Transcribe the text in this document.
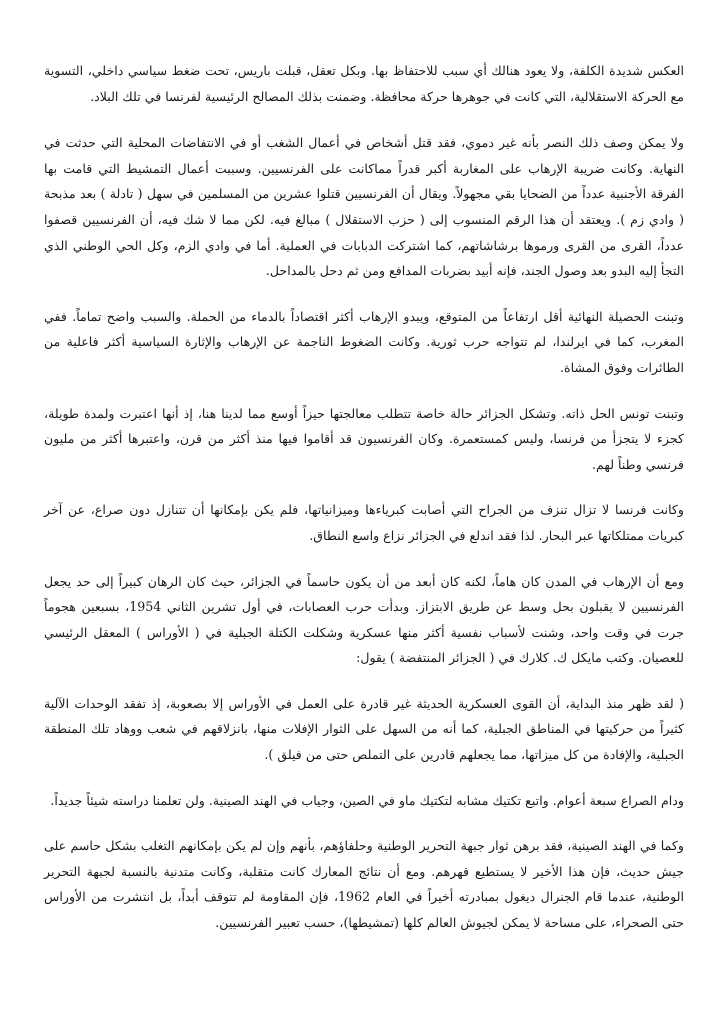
العكس شديدة الكلفة، ولا يعود هنالك أي سبب للاحتفاظ بها. وبكل تعقل، قبلت باريس، تحت ضغط سياسي داخلي، التسوية مع الحركة الاستقلالية، التي كانت في جوهرها حركة محافظة. وضمنت بذلك المصالح الرئيسية لفرنسا في تلك البلاد.

ولا يمكن وصف ذلك النصر بأنه غير دموي، فقد قتل أشخاص في أعمال الشغب أو في الانتفاضات المحلية التي حدثت في النهاية. وكانت ضريبة الإرهاب على المغاربة أكبر قدراً مماكانت على الفرنسيين. وسببت أعمال التمشيط التي قامت بها الفرقة الأجنبية عدداً من الضحايا بقي مجهولاً. ويقال أن الفرنسيين قتلوا عشرين من المسلمين في سهل ( تادلة ) بعد مذبحة ( وادي زم ). ويعتقد أن هذا الرقم المنسوب إلى ( حزب الاستقلال ) مبالغ فيه. لكن مما لا شك فيه، أن الفرنسيين قصفوا عدداً، القرى من القرى ورموها برشاشاتهم، كما اشتركت الدبابات في العملية. أما في وادي الزم، وكل الحي الوطني الذي التجأ إليه البدو بعد وصول الجند، فإنه أبيد بضربات المدافع ومن ثم دحل بالمداحل.

وتبنت الحصيلة النهائية أقل ارتفاعاً من المتوقع، ويبدو الإرهاب أكثر اقتصاداً بالدماء من الحملة. والسبب واضح تماماً. ففي المغرب، كما في ايرلندا، لم تتواجه حرب ثورية. وكانت الضغوط الناجمة عن الإرهاب والإثارة السياسية أكثر فاعلية من الطائرات وفوق المشاة.

وتبنت تونس الحل ذاته. وتشكل الجزائر حالة خاصة تتطلب معالجتها حيزاً أوسع مما لدينا هنا، إذ أنها اعتبرت ولمدة طويلة، كجزء لا يتجزأ من فرنسا، وليس كمستعمرة. وكان الفرنسيون قد أقاموا فيها منذ أكثر من قرن، واعتبرها أكثر من مليون فرنسي وطناً لهم.

وكانت فرنسا لا تزال تنزف من الجراح التي أصابت كبرياءها وميزانياتها، فلم يكن بإمكانها أن تتنازل دون صراع، عن آخر كبريات ممتلكاتها عبر البحار. لذا فقد اندلع في الجزائر نزاع واسع النطاق.

ومع أن الإرهاب في المدن كان هاماً، لكنه كان أبعد من أن يكون حاسماً في الجزائر، حيث كان الرهان كبيراً إلى حد يجعل الفرنسيين لا يقبلون بحل وسط عن طريق الابتزاز. وبدأت حرب العصابات، في أول تشرين الثاني 1954، بسبعين هجوماً جرت في وقت واحد، وشنت لأسباب نفسية أكثر منها عسكرية وشكلت الكتلة الجبلية في ( الأوراس ) المعقل الرئيسي للعصيان. وكتب مايكل ك. كلارك في ( الجزائر المنتفضة ) يقول:

( لقد ظهر منذ البداية، أن القوى العسكرية الحديثة غير قادرة على العمل في الأوراس إلا بصعوبة، إذ تفقد الوحدات الآلية كثيراً من حركيتها في المناطق الجبلية، كما أنه من السهل على الثوار الإفلات منها، بانزلاقهم في شعب ووهاد تلك المنطقة الجبلية، والإفادة من كل ميزاتها، مما يجعلهم قادرين على التملص حتى من فيلق ).

ودام الصراع سبعة أعوام. واتبع تكتيك مشابه لتكتيك ماو في الصين، وجياب في الهند الصينية. ولن تعلمنا دراسته شيئاً جديداً.

وكما في الهند الصينية، فقد برهن ثوار جبهة التحرير الوطنية وحلفاؤهم، بأنهم وإن لم يكن بإمكانهم التغلب بشكل حاسم على جيش حديث، فإن هذا الأخير لا يستطيع قهرهم. ومع أن نتائج المعارك كانت متقلبة، وكانت متدنية بالنسبة لجبهة التحرير الوطنية، عندما قام الجنرال ديغول بمبادرته أخيراً في العام 1962، فإن المقاومة لم تتوقف أبداً، بل انتشرت من الأوراس حتى الصحراء، على مساحة لا يمكن لجيوش العالم كلها (تمشيطها)، حسب تعبير الفرنسيين.
